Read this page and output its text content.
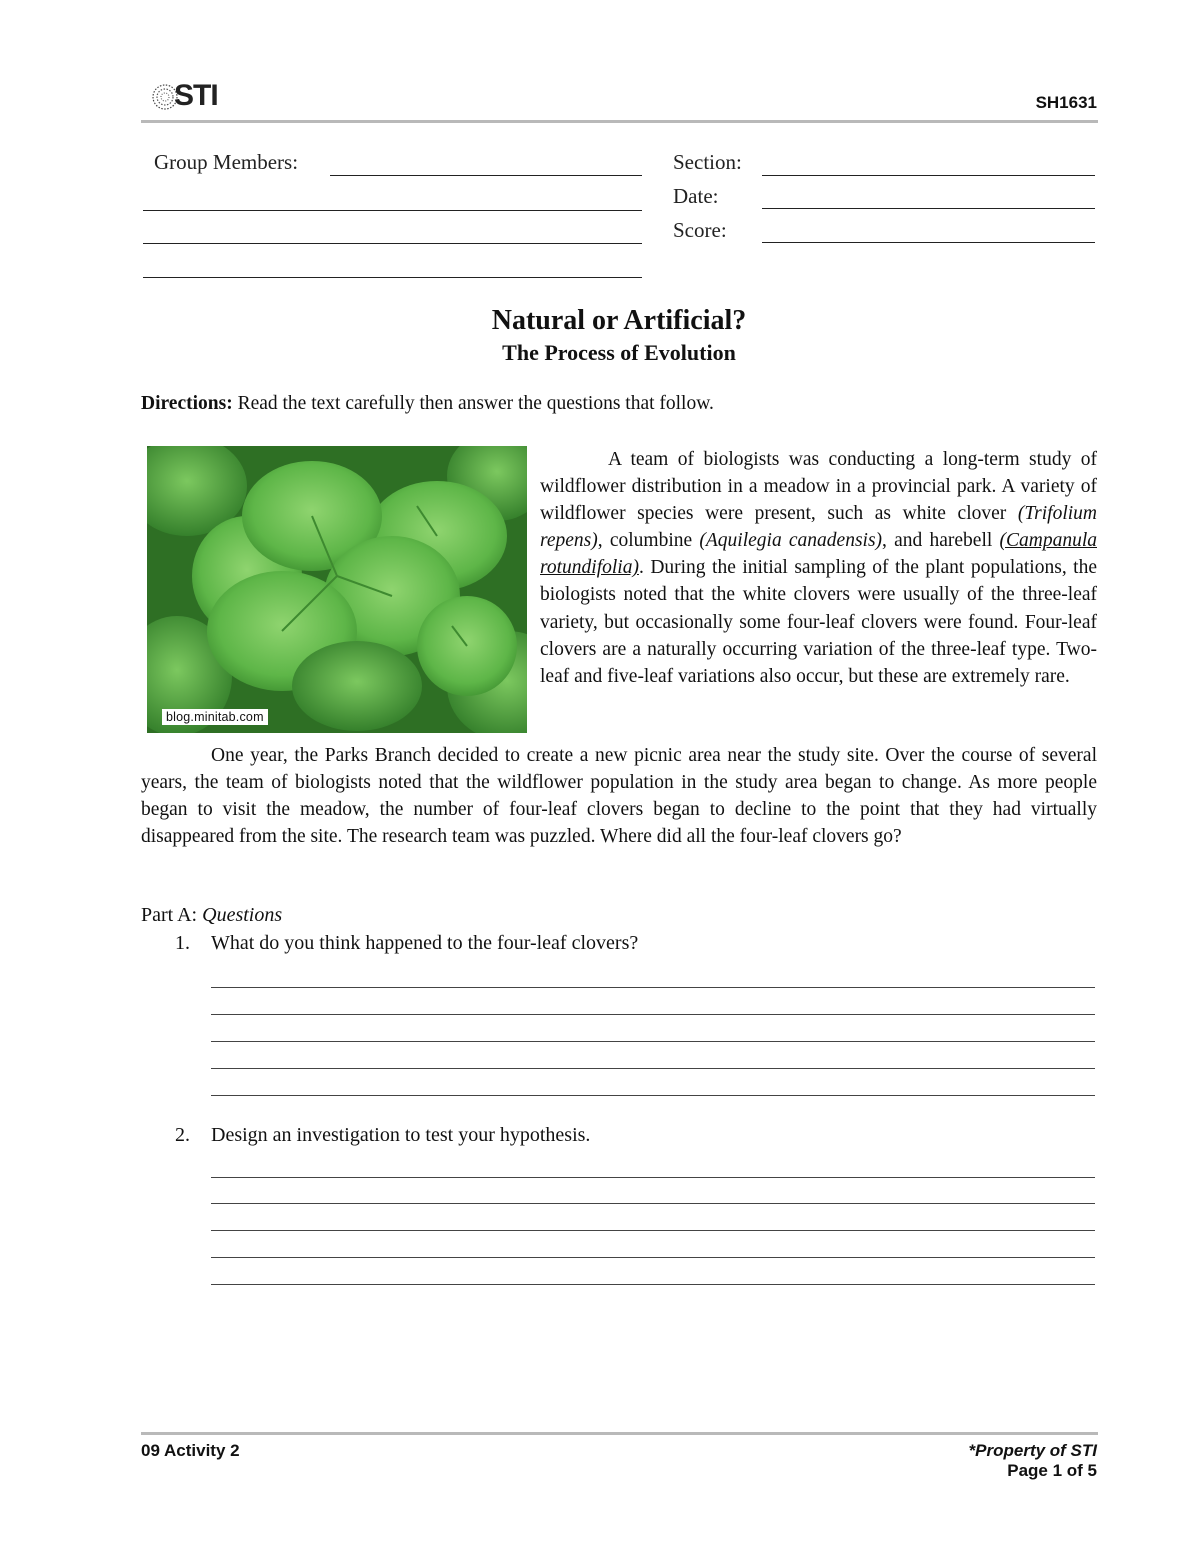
STI	SH1631
Group Members:	Section:
Date:
Score:
Natural or Artificial?
The Process of Evolution
Directions: Read the text carefully then answer the questions that follow.
blog.minitab.com
A team of biologists was conducting a long-term study of wildflower distribution in a meadow in a provincial park. A variety of wildflower species were present, such as white clover (Trifolium repens), columbine (Aquilegia canadensis), and harebell (Campanula rotundifolia). During the initial sampling of the plant populations, the biologists noted that the white clovers were usually of the three-leaf variety, but occasionally some four-leaf clovers were found. Four-leaf clovers are a naturally occurring variation of the three-leaf type. Two-leaf and five-leaf variations also occur, but these are extremely rare.
One year, the Parks Branch decided to create a new picnic area near the study site. Over the course of several years, the team of biologists noted that the wildflower population in the study area began to change. As more people began to visit the meadow, the number of four-leaf clovers began to decline to the point that they had virtually disappeared from the site. The research team was puzzled. Where did all the four-leaf clovers go?
Part A: Questions
1. What do you think happened to the four-leaf clovers?
2. Design an investigation to test your hypothesis.
09 Activity 2	*Property of STI
Page 1 of 5
